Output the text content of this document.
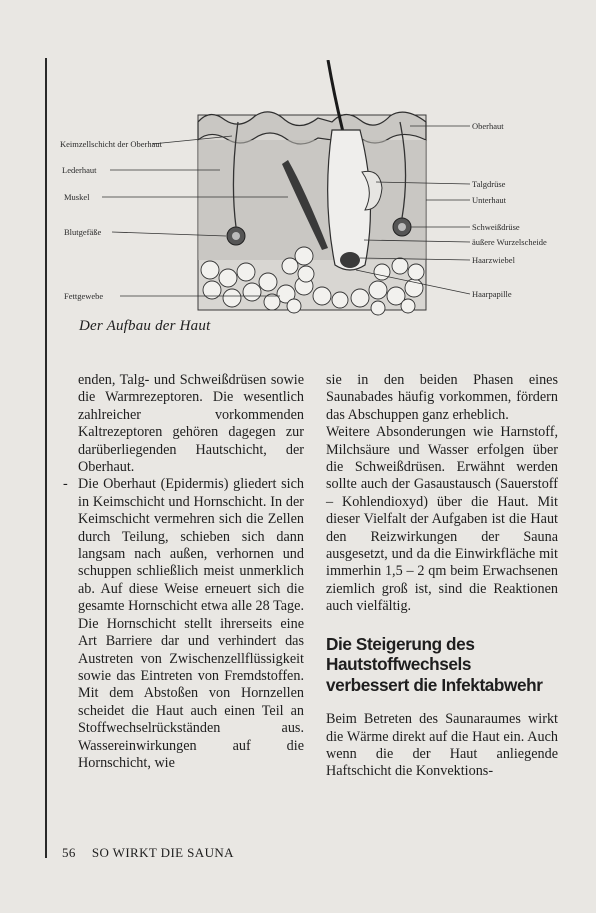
Keimzellschicht der Oberhaut
Lederhaut
Muskel
Blutgefäße
Fettgewebe
Oberhaut
Talgdrüse
Unterhaut
Schweißdrüse
äußere Wurzelscheide
Haarzwiebel
Haarpapille
Der Aufbau der Haut

enden, Talg- und Schweißdrüsen sowie die Warmrezeptoren. Die wesentlich zahlreicher vorkommenden Kaltrezeptoren gehören dagegen zur darüberliegenden Hautschicht, der Oberhaut.

- Die Oberhaut (Epidermis) gliedert sich in Keimschicht und Hornschicht. In der Keimschicht vermehren sich die Zellen durch Teilung, schieben sich dann langsam nach außen, verhornen und schuppen schließlich meist unmerklich ab. Auf diese Weise erneuert sich die gesamte Hornschicht etwa alle 28 Tage. Die Hornschicht stellt ihrerseits eine Art Barriere dar und verhindert das Austreten von Zwischenzellflüssigkeit sowie das Eintreten von Fremdstoffen. Mit dem Abstoßen von Hornzellen scheidet die Haut auch einen Teil an Stoffwechselrückständen aus. Wassereinwirkungen auf die Hornschicht, wie

sie in den beiden Phasen eines Saunabades häufig vorkommen, fördern das Abschuppen ganz erheblich.

Weitere Absonderungen wie Harnstoff, Milchsäure und Wasser erfolgen über die Schweißdrüsen. Erwähnt werden sollte auch der Gasaustausch (Sauerstoff – Kohlendioxyd) über die Haut. Mit dieser Vielfalt der Aufgaben ist die Haut den Reizwirkungen der Sauna ausgesetzt, und da die Einwirkfläche mit immerhin 1,5 – 2 qm beim Erwachsenen ziemlich groß ist, sind die Reaktionen auch vielfältig.

Die Steigerung des Hautstoffwechsels verbessert die Infektabwehr

Beim Betreten des Saunaraumes wirkt die Wärme direkt auf die Haut ein. Auch wenn die der Haut anliegende Haftschicht die Konvektions-

56 SO WIRKT DIE SAUNA
